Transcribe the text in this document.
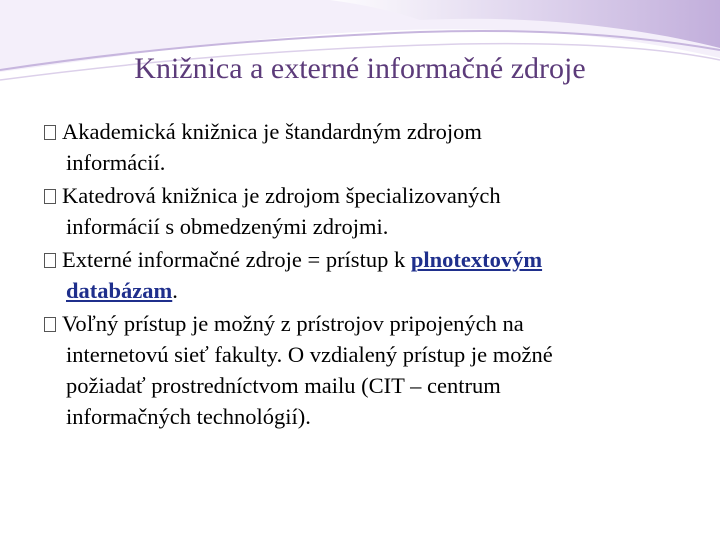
Knižnica a externé informačné zdroje
Akademická knižnica je štandardným zdrojom
informácií.
Katedrová knižnica je zdrojom špecializovaných
informácií s obmedzenými zdrojmi.
Externé informačné zdroje = prístup k plnotextovým
databázam.
Voľný prístup je možný z prístrojov pripojených na
internetovú sieť fakulty. O vzdialený prístup je možné
požiadať prostredníctvom mailu (CIT – centrum
informačných technológií).
